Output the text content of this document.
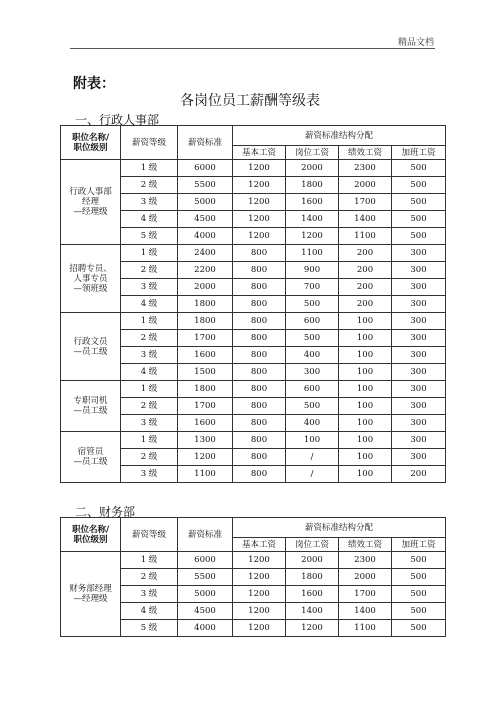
精品文档
附表：
各岗位员工薪酬等级表
一、行政人事部
职位名称/
职位级别	薪资等级	薪资标准	薪资标准结构分配			
			基本工资	岗位工资	绩效工资	加班工资
行政人事部
经理
—经理级	1 级	6000	1200	2000	2300	500
	2 级	5500	1200	1800	2000	500
	3 级	5000	1200	1600	1700	500
	4 级	4500	1200	1400	1400	500
	5 级	4000	1200	1200	1100	500
招聘专员、
人事专员
—领班级	1 级	2400	800	1100	200	300
	2 级	2200	800	900	200	300
	3 级	2000	800	700	200	300
	4 级	1800	800	500	200	300
行政文员
—员工级	1 级	1800	800	600	100	300
	2 级	1700	800	500	100	300
	3 级	1600	800	400	100	300
	4 级	1500	800	300	100	300
专职司机
—员工级	1 级	1800	800	600	100	300
	2 级	1700	800	500	100	300
	3 级	1600	800	400	100	300
宿管员
—员工级	1 级	1300	800	100	100	300
	2 级	1200	800	/	100	300
	3 级	1100	800	/	100	200
二、财务部
职位名称/
职位级别	薪资等级	薪资标准	薪资标准结构分配			
			基本工资	岗位工资	绩效工资	加班工资
财务部经理
—经理级	1 级	6000	1200	2000	2300	500
	2 级	5500	1200	1800	2000	500
	3 级	5000	1200	1600	1700	500
	4 级	4500	1200	1400	1400	500
	5 级	4000	1200	1200	1100	500
